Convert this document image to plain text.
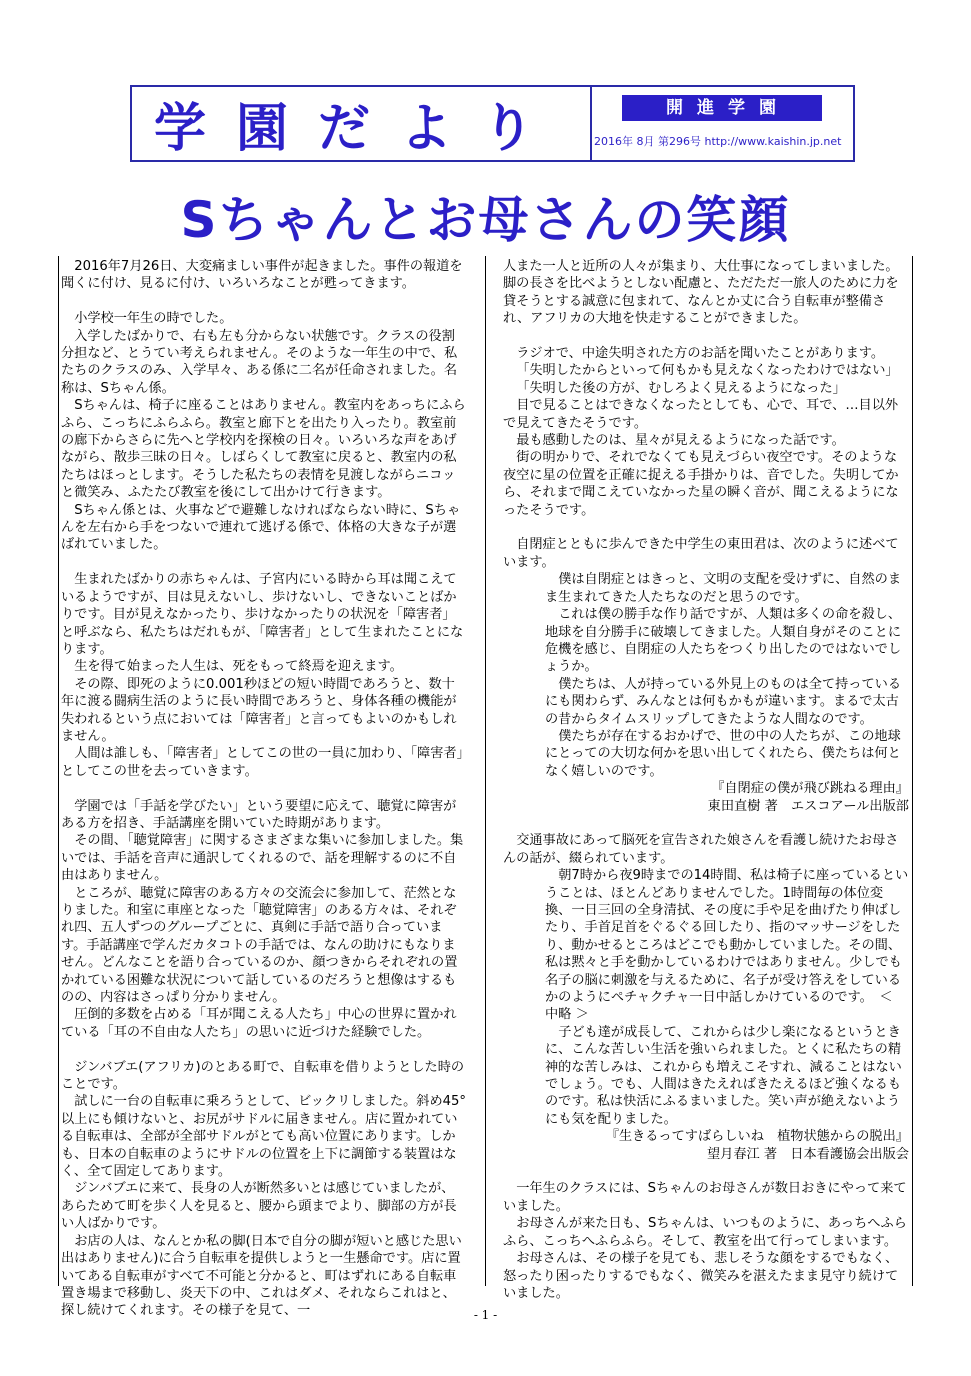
学園だより	開進学園
2016年 8月 第296号 http://www.kaishin.jp.net
Sちゃんとお母さんの笑顔

2016年7月26日、大変痛ましい事件が起きました。事件の報道を聞くに付け、見るに付け、いろいろなことが甦ってきます。

小学校一年生の時でした。

入学したばかりで、右も左も分からない状態です。クラスの役割分担など、とうてい考えられません。そのような一年生の中で、私たちのクラスのみ、入学早々、ある係に二名が任命されました。名称は、Sちゃん係。

Sちゃんは、椅子に座ることはありません。教室内をあっちにふらふら、こっちにふらふら。教室と廊下とを出たり入ったり。教室前の廊下からさらに先へと学校内を探検の日々。いろいろな声をあげながら、散歩三昧の日々。しばらくして教室に戻ると、教室内の私たちはほっとします。そうした私たちの表情を見渡しながらニコッと微笑み、ふたたび教室を後にして出かけて行きます。

Sちゃん係とは、火事などで避難しなければならない時に、Sちゃんを左右から手をつないで連れて逃げる係で、体格の大きな子が選ばれていました。

生まれたばかりの赤ちゃんは、子宮内にいる時から耳は聞こえているようですが、目は見えないし、歩けないし、できないことばかりです。目が見えなかったり、歩けなかったりの状況を「障害者」と呼ぶなら、私たちはだれもが、「障害者」として生まれたことになります。

生を得て始まった人生は、死をもって終焉を迎えます。

その際、即死のように0.001秒ほどの短い時間であろうと、数十年に渡る闘病生活のように長い時間であろうと、身体各種の機能が失われるという点においては「障害者」と言ってもよいのかもしれません。

人間は誰しも、「障害者」としてこの世の一員に加わり、「障害者」としてこの世を去っていきます。

学園では「手話を学びたい」という要望に応えて、聴覚に障害がある方を招き、手話講座を開いていた時期があります。

その間、「聴覚障害」に関するさまざまな集いに参加しました。集いでは、手話を音声に通訳してくれるので、話を理解するのに不自由はありません。

ところが、聴覚に障害のある方々の交流会に参加して、茫然となりました。和室に車座となった「聴覚障害」のある方々は、それぞれ四、五人ずつのグループごとに、真剣に手話で語り合っています。手話講座で学んだカタコトの手話では、なんの助けにもなりません。どんなことを語り合っているのか、顔つきからそれぞれの置かれている困難な状況について話しているのだろうと想像はするものの、内容はさっぱり分かりません。

圧倒的多数を占める「耳が聞こえる人たち」中心の世界に置かれている「耳の不自由な人たち」の思いに近づけた経験でした。

ジンバブエ(アフリカ)のとある町で、自転車を借りようとした時のことです。

試しに一台の自転車に乗ろうとして、ビックリしました。斜め45° 以上にも傾けないと、お尻がサドルに届きません。店に置かれている自転車は、全部が全部サドルがとても高い位置にあります。しかも、日本の自転車のようにサドルの位置を上下に調節する装置はなく、全て固定してあります。

ジンバブエに来て、長身の人が断然多いとは感じていましたが、あらためて町を歩く人を見ると、腰から頭までより、脚部の方が長い人ばかりです。

お店の人は、なんとか私の脚(日本で自分の脚が短いと感じた思い出はありません)に合う自転車を提供しようと一生懸命です。店に置いてある自転車がすべて不可能と分かると、町はずれにある自転車置き場まで移動し、炎天下の中、これはダメ、それならこれはと、探し続けてくれます。その様子を見て、一

人また一人と近所の人々が集まり、大仕事になってしまいました。脚の長さを比べようとしない配慮と、ただただ一旅人のために力を貸そうとする誠意に包まれて、なんとか丈に合う自転車が整備され、アフリカの大地を快走することができました。

ラジオで、中途失明された方のお話を聞いたことがあります。

「失明したからといって何もかも見えなくなったわけではない」

「失明した後の方が、むしろよく見えるようになった」

目で見ることはできなくなったとしても、心で、耳で、…目以外で見えてきたそうです。

最も感動したのは、星々が見えるようになった話です。

街の明かりで、それでなくても見えづらい夜空です。そのような夜空に星の位置を正確に捉える手掛かりは、音でした。失明してから、それまで聞こえていなかった星の瞬く音が、聞こえるようになったそうです。

自閉症とともに歩んできた中学生の東田君は、次のように述べています。

僕は自閉症とはきっと、文明の支配を受けずに、自然のまま生まれてきた人たちなのだと思うのです。

これは僕の勝手な作り話ですが、人類は多くの命を殺し、地球を自分勝手に破壊してきました。人類自身がそのことに危機を感じ、自閉症の人たちをつくり出したのではないでしょうか。

僕たちは、人が持っている外見上のものは全て持っているにも関わらず、みんなとは何もかもが違います。まるで太古の昔からタイムスリップしてきたような人間なのです。

僕たちが存在するおかげで、世の中の人たちが、この地球にとっての大切な何かを思い出してくれたら、僕たちは何となく嬉しいのです。

『自閉症の僕が飛び跳ねる理由』

東田直樹 著　エスコアール出版部

交通事故にあって脳死を宣告された娘さんを看護し続けたお母さんの話が、綴られています。

朝7時から夜9時までの14時間、私は椅子に座っているということは、ほとんどありませんでした。1時間毎の体位変換、一日三回の全身清拭、その度に手や足を曲げたり伸ばしたり、手首足首をぐるぐる回したり、指のマッサージをしたり、動かせるところはどこでも動かしていました。その間、私は黙々と手を動かしているわけではありません。少しでも名子の脳に刺激を与えるために、名子が受け答えをしているかのようにペチャクチャ一日中話しかけているのです。　＜ 中略 ＞

子ども達が成長して、これからは少し楽になるというときに、こんな苦しい生活を強いられました。とくに私たちの精神的な苦しみは、これからも増えこそすれ、減ることはないでしょう。でも、人間はきたえればきたえるほど強くなるものです。私は快活にふるまいました。笑い声が絶えないようにも気を配りました。

『生きるってすばらしいね　植物状態からの脱出』

望月春江 著　日本看護協会出版会

一年生のクラスには、Sちゃんのお母さんが数日おきにやって来ていました。

お母さんが来た日も、Sちゃんは、いつものように、あっちへふらふら、こっちへふらふら。そして、教室を出て行ってしまいます。

お母さんは、その様子を見ても、悲しそうな顔をするでもなく、怒ったり困ったりするでもなく、微笑みを湛えたまま見守り続けていました。

- 1 -
